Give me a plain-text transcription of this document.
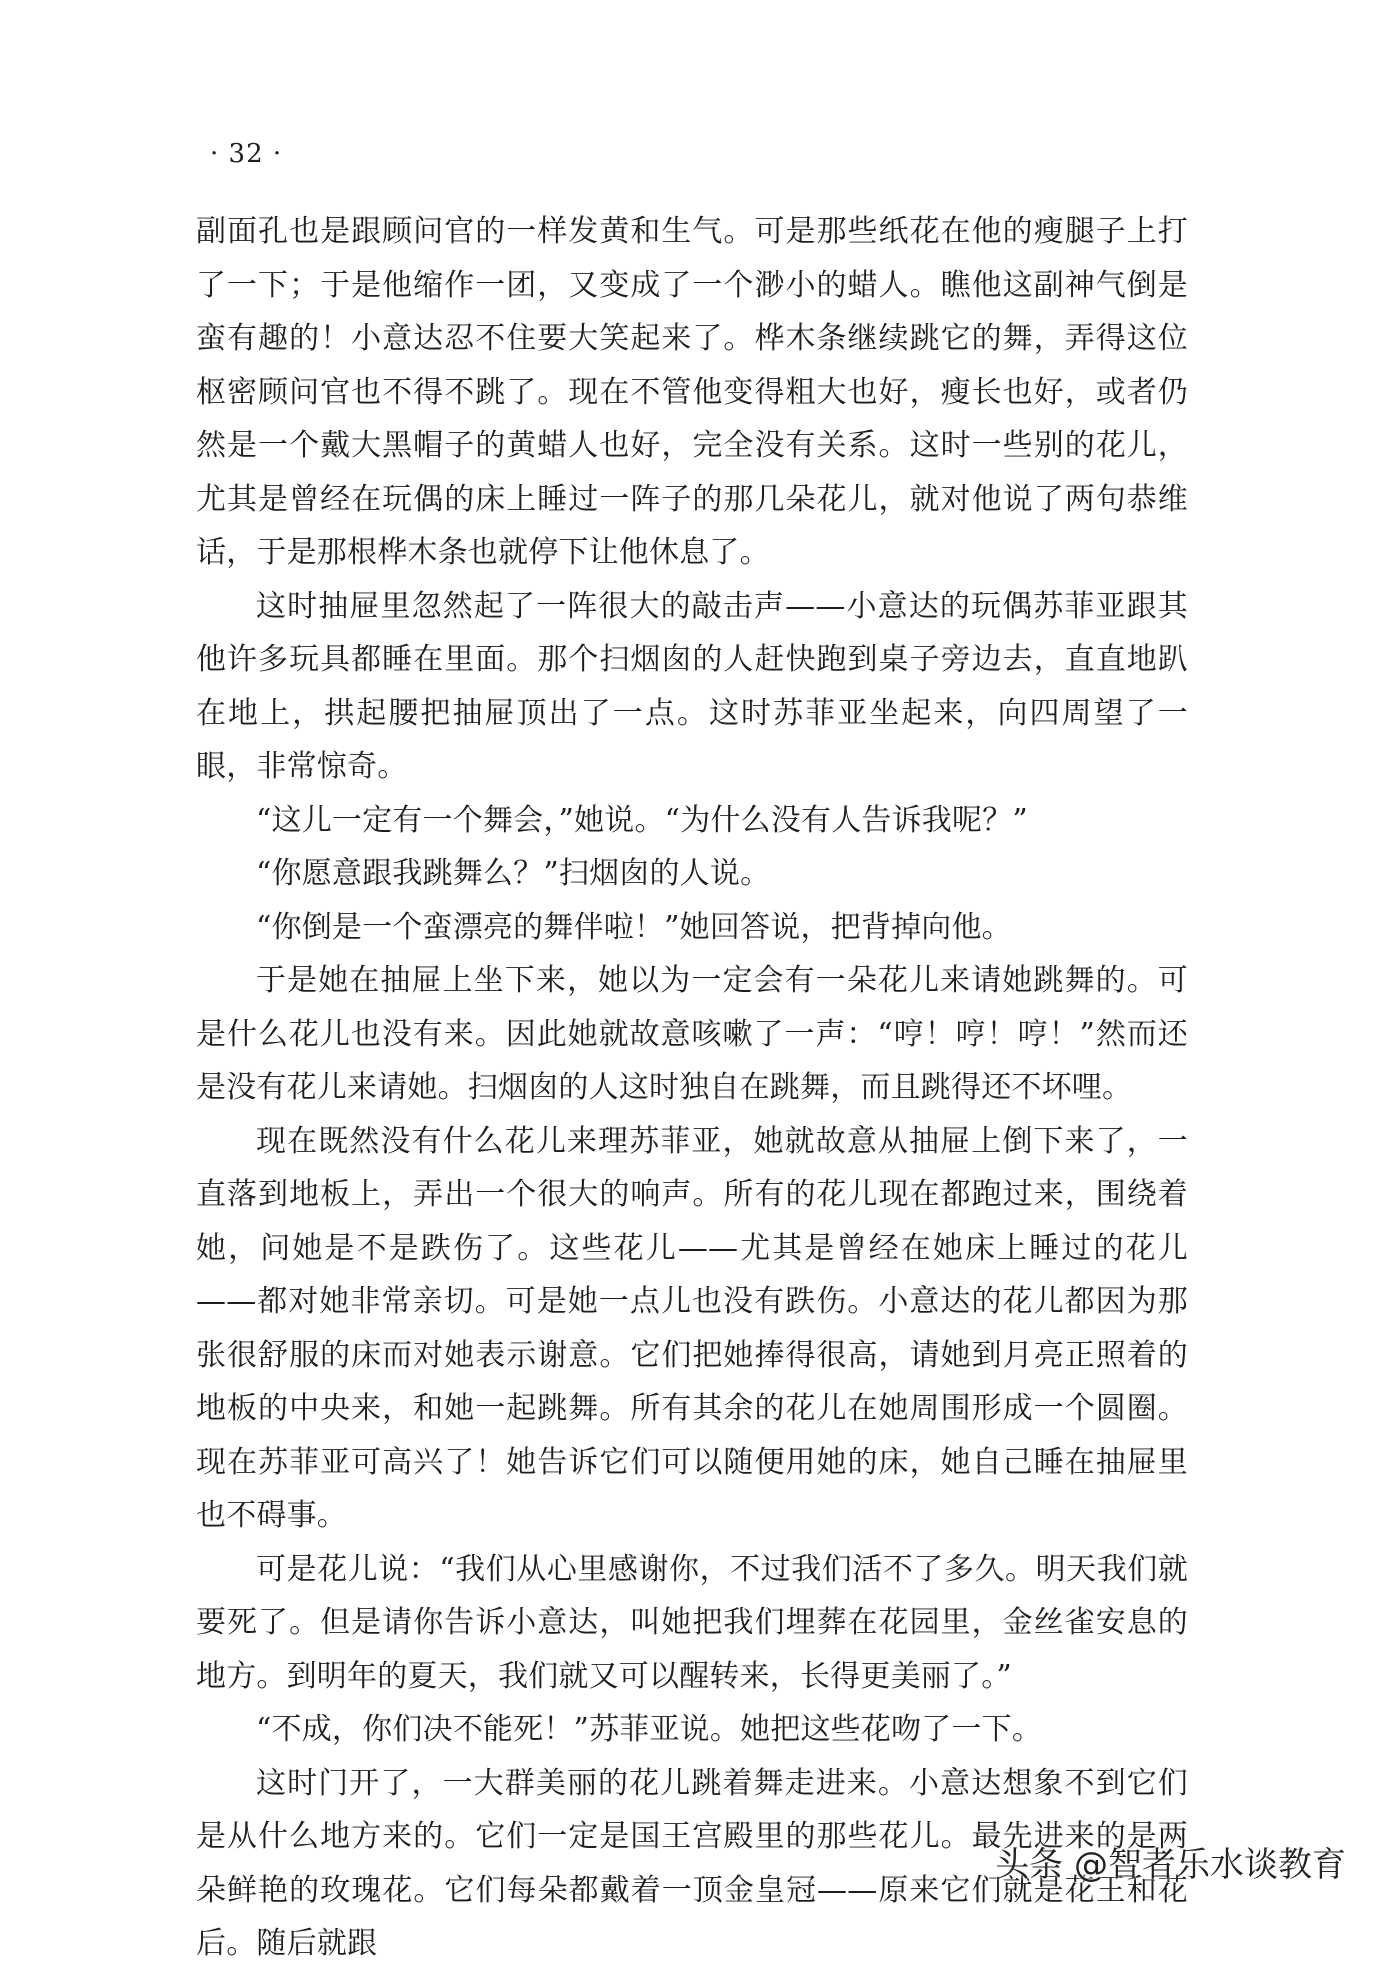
· 32 ·

副面孔也是跟顾问官的一样发黄和生气。可是那些纸花在他的瘦腿子上打了一下；于是他缩作一团，又变成了一个渺小的蜡人。瞧他这副神气倒是蛮有趣的！小意达忍不住要大笑起来了。桦木条继续跳它的舞，弄得这位枢密顾问官也不得不跳了。现在不管他变得粗大也好，瘦长也好，或者仍然是一个戴大黑帽子的黄蜡人也好，完全没有关系。这时一些别的花儿，尤其是曾经在玩偶的床上睡过一阵子的那几朵花儿，就对他说了两句恭维话，于是那根桦木条也就停下让他休息了。

这时抽屉里忽然起了一阵很大的敲击声——小意达的玩偶苏菲亚跟其他许多玩具都睡在里面。那个扫烟囱的人赶快跑到桌子旁边去，直直地趴在地上，拱起腰把抽屉顶出了一点。这时苏菲亚坐起来，向四周望了一眼，非常惊奇。

“这儿一定有一个舞会，”她说。“为什么没有人告诉我呢？”

“你愿意跟我跳舞么？”扫烟囱的人说。

“你倒是一个蛮漂亮的舞伴啦！”她回答说，把背掉向他。

于是她在抽屉上坐下来，她以为一定会有一朵花儿来请她跳舞的。可是什么花儿也没有来。因此她就故意咳嗽了一声：“哼！哼！哼！”然而还是没有花儿来请她。扫烟囱的人这时独自在跳舞，而且跳得还不坏哩。

现在既然没有什么花儿来理苏菲亚，她就故意从抽屉上倒下来了，一直落到地板上，弄出一个很大的响声。所有的花儿现在都跑过来，围绕着她，问她是不是跌伤了。这些花儿——尤其是曾经在她床上睡过的花儿——都对她非常亲切。可是她一点儿也没有跌伤。小意达的花儿都因为那张很舒服的床而对她表示谢意。它们把她捧得很高，请她到月亮正照着的地板的中央来，和她一起跳舞。所有其余的花儿在她周围形成一个圆圈。现在苏菲亚可高兴了！她告诉它们可以随便用她的床，她自己睡在抽屉里也不碍事。

可是花儿说：“我们从心里感谢你，不过我们活不了多久。明天我们就要死了。但是请你告诉小意达，叫她把我们埋葬在花园里，金丝雀安息的地方。到明年的夏天，我们就又可以醒转来，长得更美丽了。”

“不成，你们决不能死！”苏菲亚说。她把这些花吻了一下。

这时门开了，一大群美丽的花儿跳着舞走进来。小意达想象不到它们是从什么地方来的。它们一定是国王宫殿里的那些花儿。最先进来的是两朵鲜艳的玫瑰花。它们每朵都戴着一顶金皇冠——原来它们就是花王和花后。随后就跟

头条 @智者乐水谈教育
